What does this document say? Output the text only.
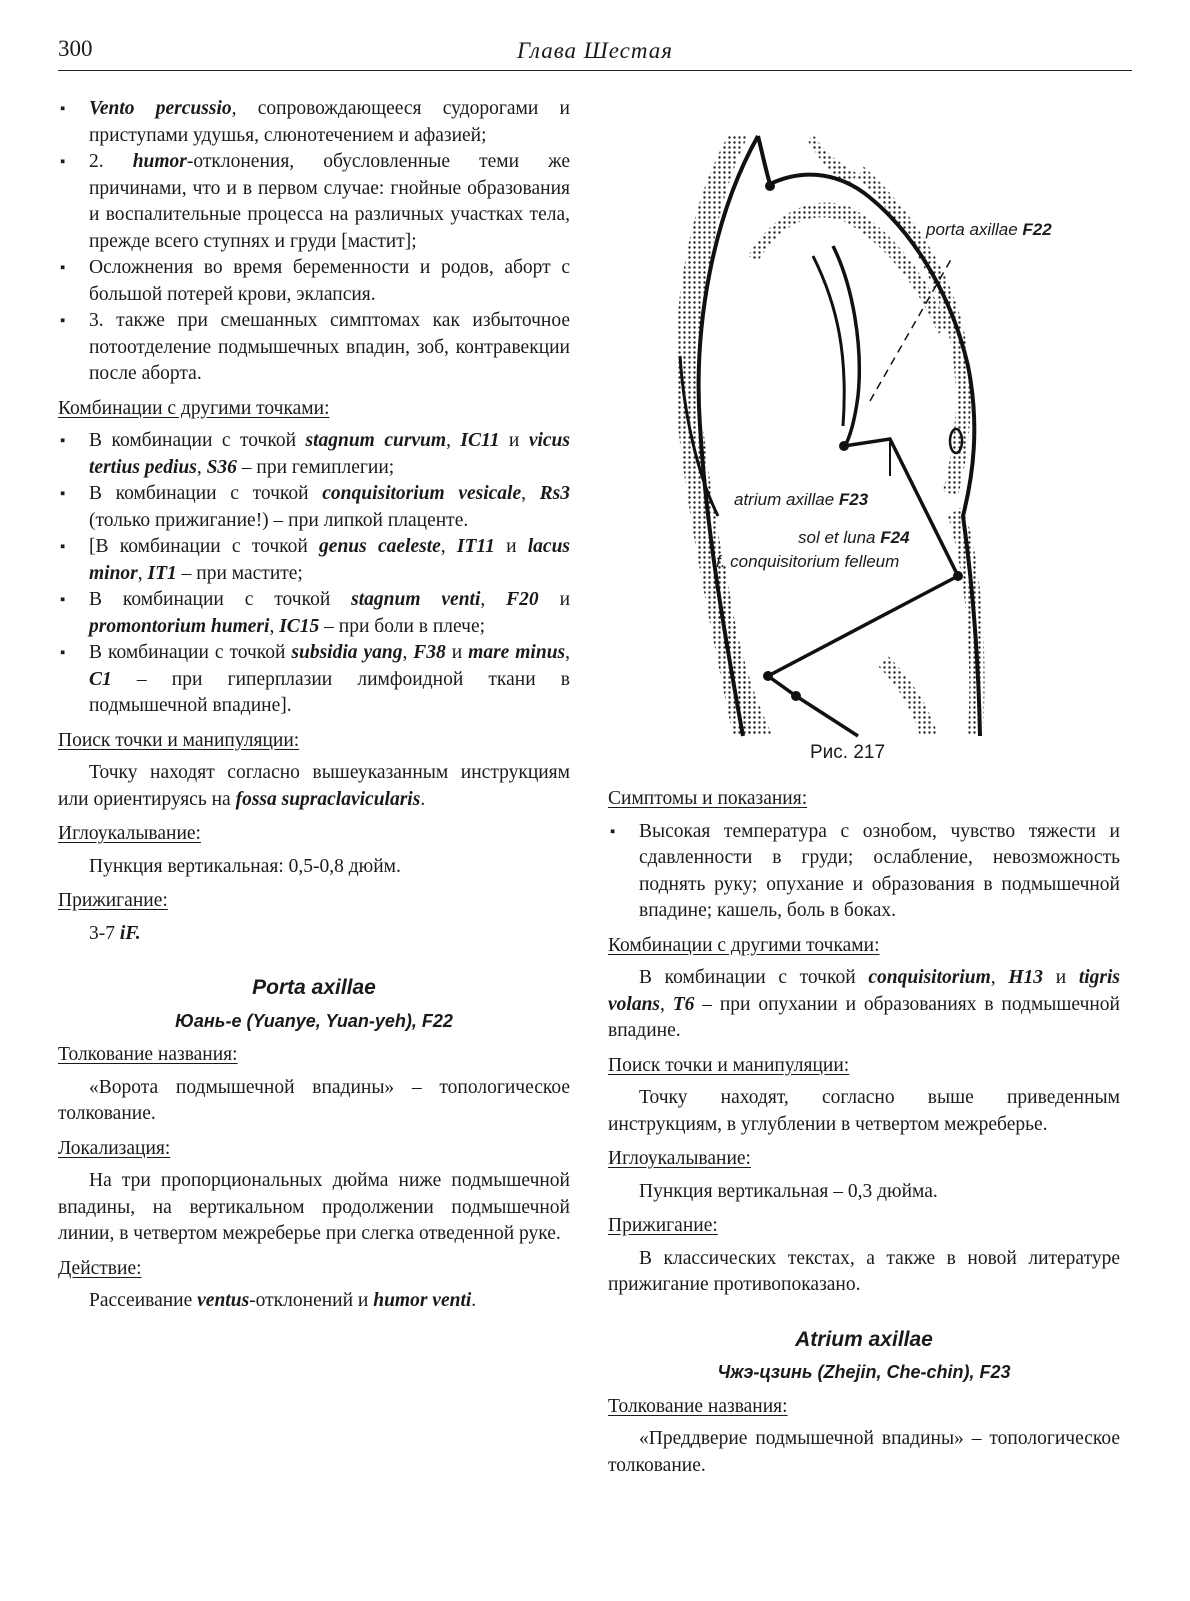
300	Глава Шестая
▪ Vento percussio, сопровождающееся судорогами и приступами удушья, слюнотечением и афазией;
▪ 2. humor-отклонения, обусловленные теми же причинами, что и в первом случае: гнойные образования и воспалительные процесса на различных участках тела, прежде всего ступнях и груди [мастит];
▪ Осложнения во время беременности и родов, аборт с большой потерей крови, эклапсия.
▪ 3. также при смешанных симптомах как избыточное потоотделение подмышечных впадин, зоб, контравекции после аборта.
Комбинации с другими точками:
▪ В комбинации с точкой stagnum curvum, IC11 и vicus tertius pedius, S36 – при гемиплегии;
▪ В комбинации с точкой conquisitorium vesicale, Rs3 (только прижигание!) – при липкой плаценте.
▪ [В комбинации с точкой genus caeleste, IT11 и lacus minor, IT1 – при мастите;
▪ В комбинации с точкой stagnum venti, F20 и promontorium humeri, IC15 – при боли в плече;
▪ В комбинации с точкой subsidia yang, F38 и mare minus, C1 – при гиперплазии лимфоидной ткани в подмышечной впадине].
Поиск точки и манипуляции:
Точку находят согласно вышеуказанным инструкциям или ориентируясь на fossa supraclavicularis.
Иглоукалывание:
Пункция вертикальная: 0,5-0,8 дюйм.
Прижигание:
3-7 iF.
Porta axillae
Юань-е (Yuanye, Yuan-yeh), F22
Толкование названия:
«Ворота подмышечной впадины» – топологическое толкование.
Локализация:
На три пропорциональных дюйма ниже подмышечной впадины, на вертикальном продолжении подмышечной линии, в четвертом межреберье при слегка отведенной руке.
Действие:
Рассеивание ventus-отклонений и humor venti.
porta axillae F22
atrium axillae F23
sol et luna F24
f. conquisitorium felleum
Рис. 217
Симптомы и показания:
▪ Высокая температура с ознобом, чувство тяжести и сдавленности в груди; ослабление, невозможность поднять руку; опухание и образования в подмышечной впадине; кашель, боль в боках.
Комбинации с другими точками:
В комбинации с точкой conquisitorium, H13 и tigris volans, T6 – при опухании и образованиях в подмышечной впадине.
Поиск точки и манипуляции:
Точку находят, согласно выше приведенным инструкциям, в углублении в четвертом межреберье.
Иглоукалывание:
Пункция вертикальная – 0,3 дюйма.
Прижигание:
В классических текстах, а также в новой литературе прижигание противопоказано.
Atrium axillae
Чжэ-цзинь (Zhejin, Che-chin), F23
Толкование названия:
«Преддверие подмышечной впадины» – топологическое толкование.
